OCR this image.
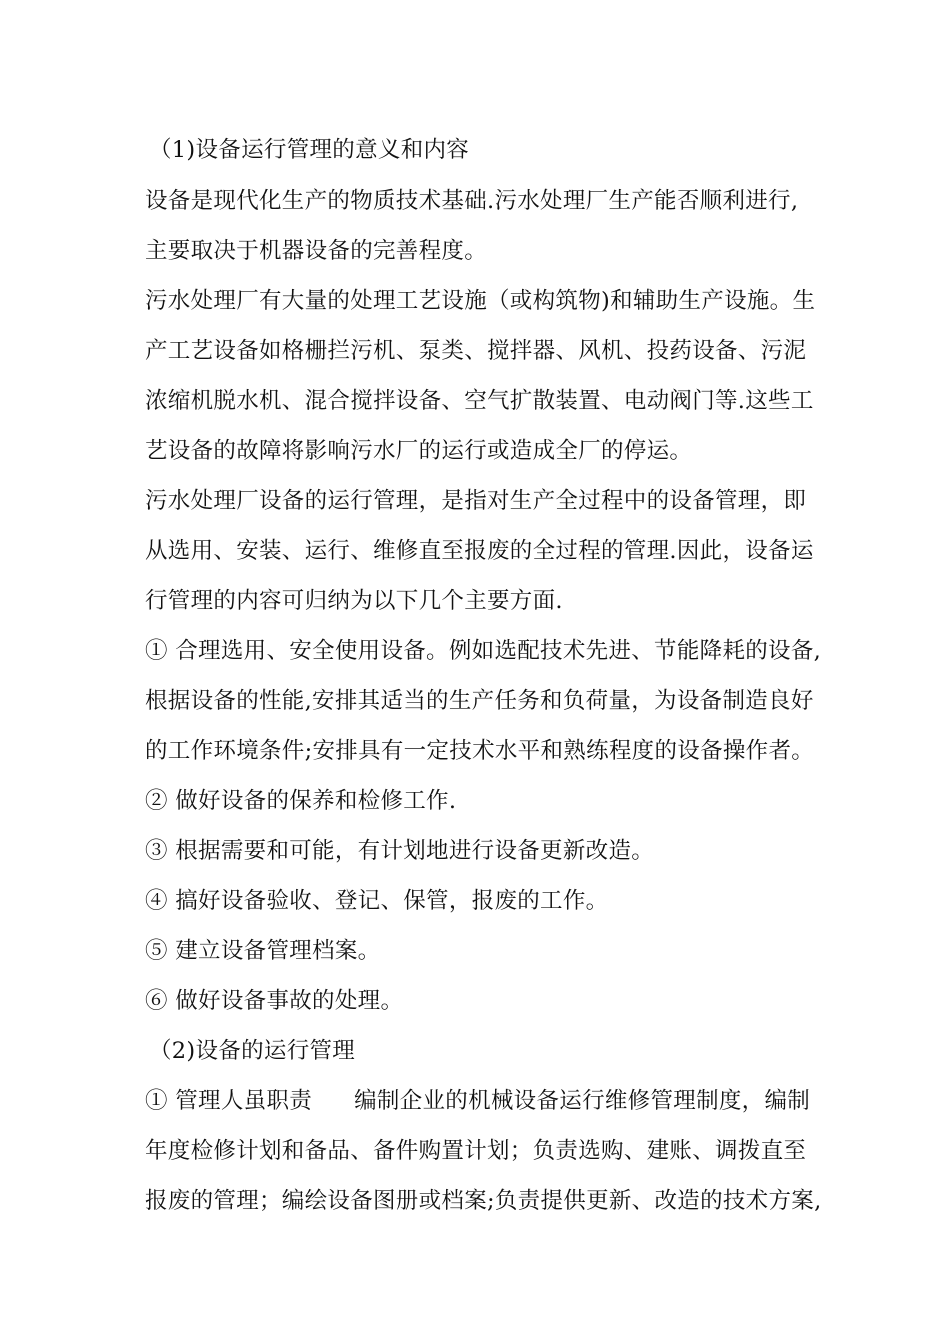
（1)设备运行管理的意义和内容
设备是现代化生产的物质技术基础.污水处理厂生产能否顺利进行,
主要取决于机器设备的完善程度。
污水处理厂有大量的处理工艺设施（或构筑物)和辅助生产设施。生
产工艺设备如格栅拦污机、泵类、搅拌器、风机、投药设备、污泥
浓缩机脱水机、混合搅拌设备、空气扩散装置、电动阀门等.这些工
艺设备的故障将影响污水厂的运行或造成全厂的停运。
污水处理厂设备的运行管理，是指对生产全过程中的设备管理，即
从选用、安装、运行、维修直至报废的全过程的管理.因此，设备运
行管理的内容可归纳为以下几个主要方面.
① 合理选用、安全使用设备。例如选配技术先进、节能降耗的设备,
根据设备的性能,安排其适当的生产任务和负荷量，为设备制造良好
的工作环境条件;安排具有一定技术水平和熟练程度的设备操作者。
② 做好设备的保养和检修工作.
③ 根据需要和可能，有计划地进行设备更新改造。
④ 搞好设备验收、登记、保管，报废的工作。
⑤ 建立设备管理档案。
⑥ 做好设备事故的处理。
（2)设备的运行管理
① 管理人虽职责 编制企业的机械设备运行维修管理制度，编制
年度检修计划和备品、备件购置计划；负责选购、建账、调拨直至
报废的管理；编绘设备图册或档案;负责提供更新、改造的技术方案,
